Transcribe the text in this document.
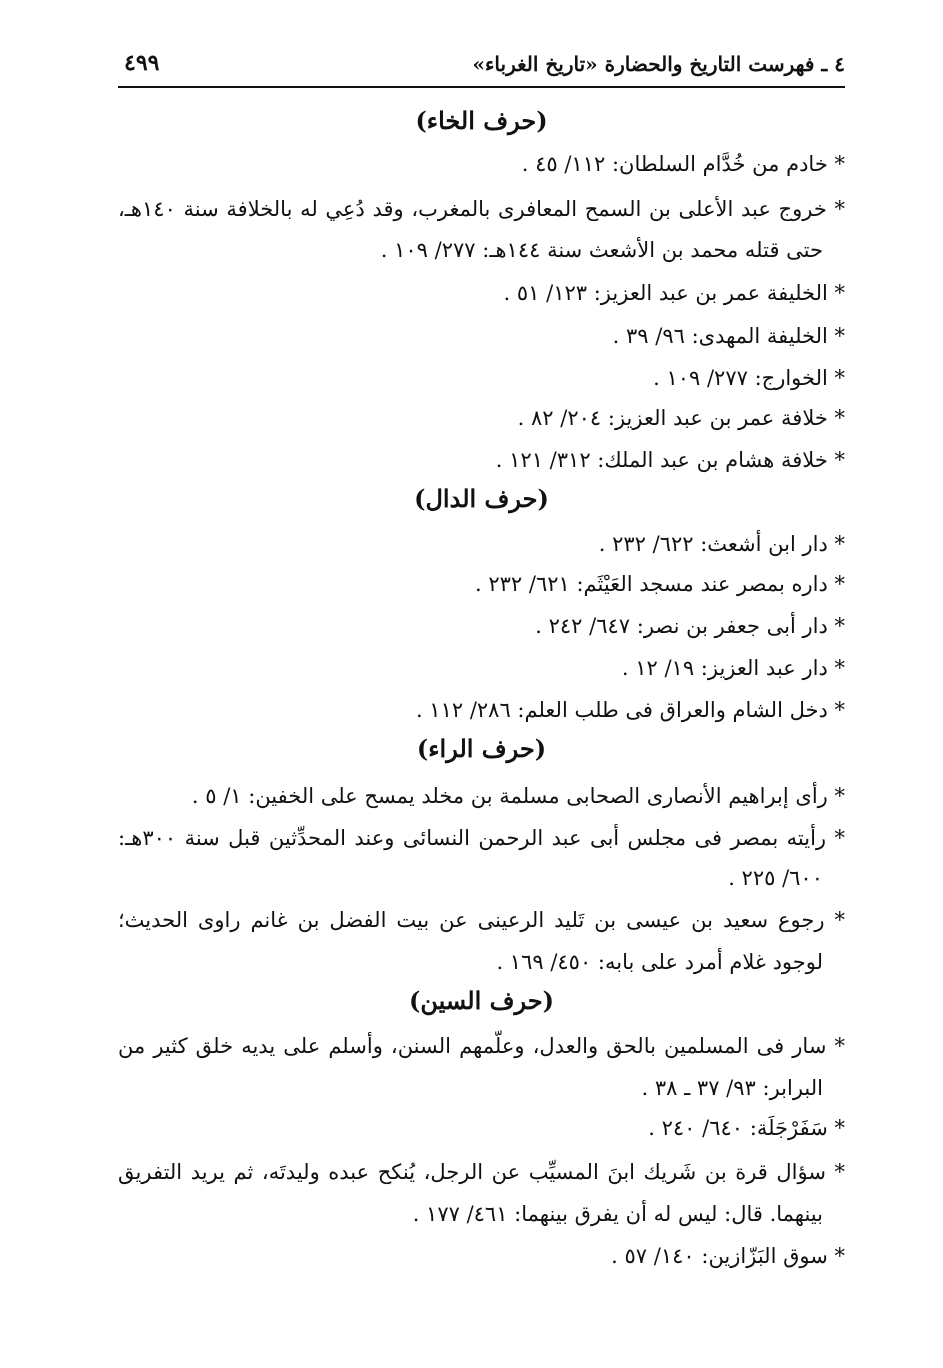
٤ ـ فهرست التاريخ والحضارة «تاريخ الغرباء»
٤٩٩
(حرف الخاء)
* خادم من خُدَّام السلطان: ١١٢/ ٤٥ .
* خروج عبد الأعلى بن السمح المعافرى بالمغرب، وقد دُعِي له بالخلافة سنة ١٤٠هـ،
حتى قتله محمد بن الأشعث سنة ١٤٤هـ: ٢٧٧/ ١٠٩ .
* الخليفة عمر بن عبد العزيز: ١٢٣/ ٥١ .
* الخليفة المهدى: ٩٦/ ٣٩ .
* الخوارج: ٢٧٧/ ١٠٩ .
* خلافة عمر بن عبد العزيز: ٢٠٤/ ٨٢ .
* خلافة هشام بن عبد الملك: ٣١٢/ ١٢١ .
(حرف الدال)
* دار ابن أشعث: ٦٢٢/ ٢٣٢ .
* داره بمصر عند مسجد العَيْثَم: ٦٢١/ ٢٣٢ .
* دار أبى جعفر بن نصر: ٦٤٧/ ٢٤٢ .
* دار عبد العزيز: ١٩/ ١٢ .
* دخل الشام والعراق فى طلب العلم: ٢٨٦/ ١١٢ .
(حرف الراء)
* رأى إبراهيم الأنصارى الصحابى مسلمة بن مخلد يمسح على الخفين: ١/ ٥ .
* رأيته بمصر فى مجلس أبى عبد الرحمن النسائى وعند المحدِّثين قبل سنة ٣٠٠هـ:
٦٠٠/ ٢٢٥ .
* رجوع سعيد بن عيسى بن تَليد الرعينى عن بيت الفضل بن غانم راوى الحديث؛
لوجود غلام أمرد على بابه: ٤٥٠/ ١٦٩ .
(حرف السين)
* سار فى المسلمين بالحق والعدل، وعلّمهم السنن، وأسلم على يديه خلق كثير من
البرابر: ٩٣/ ٣٧ ـ ٣٨ .
* سَفَرْجَلَة: ٦٤٠/ ٢٤٠ .
* سؤال قرة بن شَريك ابنَ المسيِّب عن الرجل، يُنكح عبده وليدتَه، ثم يريد التفريق
بينهما. قال: ليس له أن يفرق بينهما: ٤٦١/ ١٧٧ .
* سوق البَزّازين: ١٤٠/ ٥٧ .
